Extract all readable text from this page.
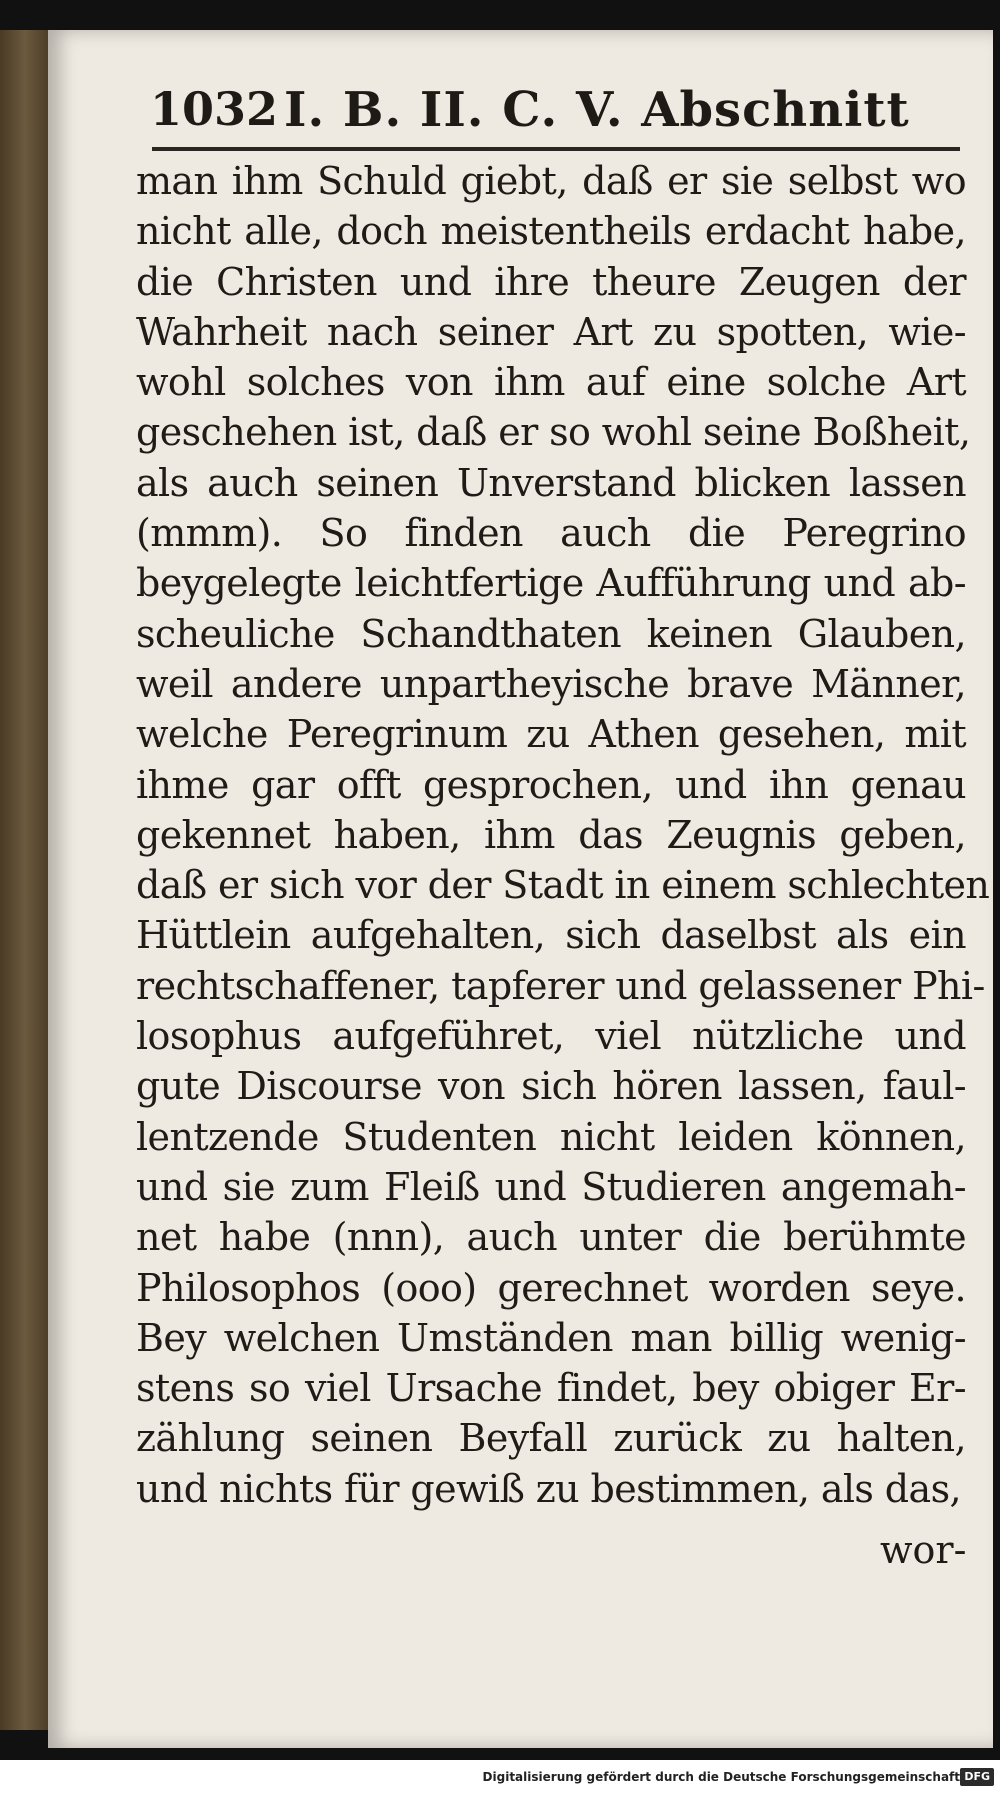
1032 I. B. II. C. V. Abschnitt
man ihm Schuld giebt, daß er sie selbst wo
nicht alle, doch meistentheils erdacht habe,
die Christen und ihre theure Zeugen der
Wahrheit nach seiner Art zu spotten, wie-
wohl solches von ihm auf eine solche Art
geschehen ist, daß er so wohl seine Boßheit,
als auch seinen Unverstand blicken lassen
(mmm). So finden auch die Peregrino
beygelegte leichtfertige Aufführung und ab-
scheuliche Schandthaten keinen Glauben,
weil andere unpartheyische brave Männer,
welche Peregrinum zu Athen gesehen, mit
ihme gar offt gesprochen, und ihn genau
gekennet haben, ihm das Zeugnis geben,
daß er sich vor der Stadt in einem schlechten
Hüttlein aufgehalten, sich daselbst als ein
rechtschaffener, tapferer und gelassener Phi-
losophus aufgeführet, viel nützliche und
gute Discourse von sich hören lassen, faul-
lentzende Studenten nicht leiden können,
und sie zum Fleiß und Studieren angemah-
net habe (nnn), auch unter die berühmte
Philosophos (ooo) gerechnet worden seye.
Bey welchen Umständen man billig wenig-
stens so viel Ursache findet, bey obiger Er-
zählung seinen Beyfall zurück zu halten,
und nichts für gewiß zu bestimmen, als das,
wor-
Digitalisierung gefördert durch die Deutsche Forschungsgemeinschaft DFG
